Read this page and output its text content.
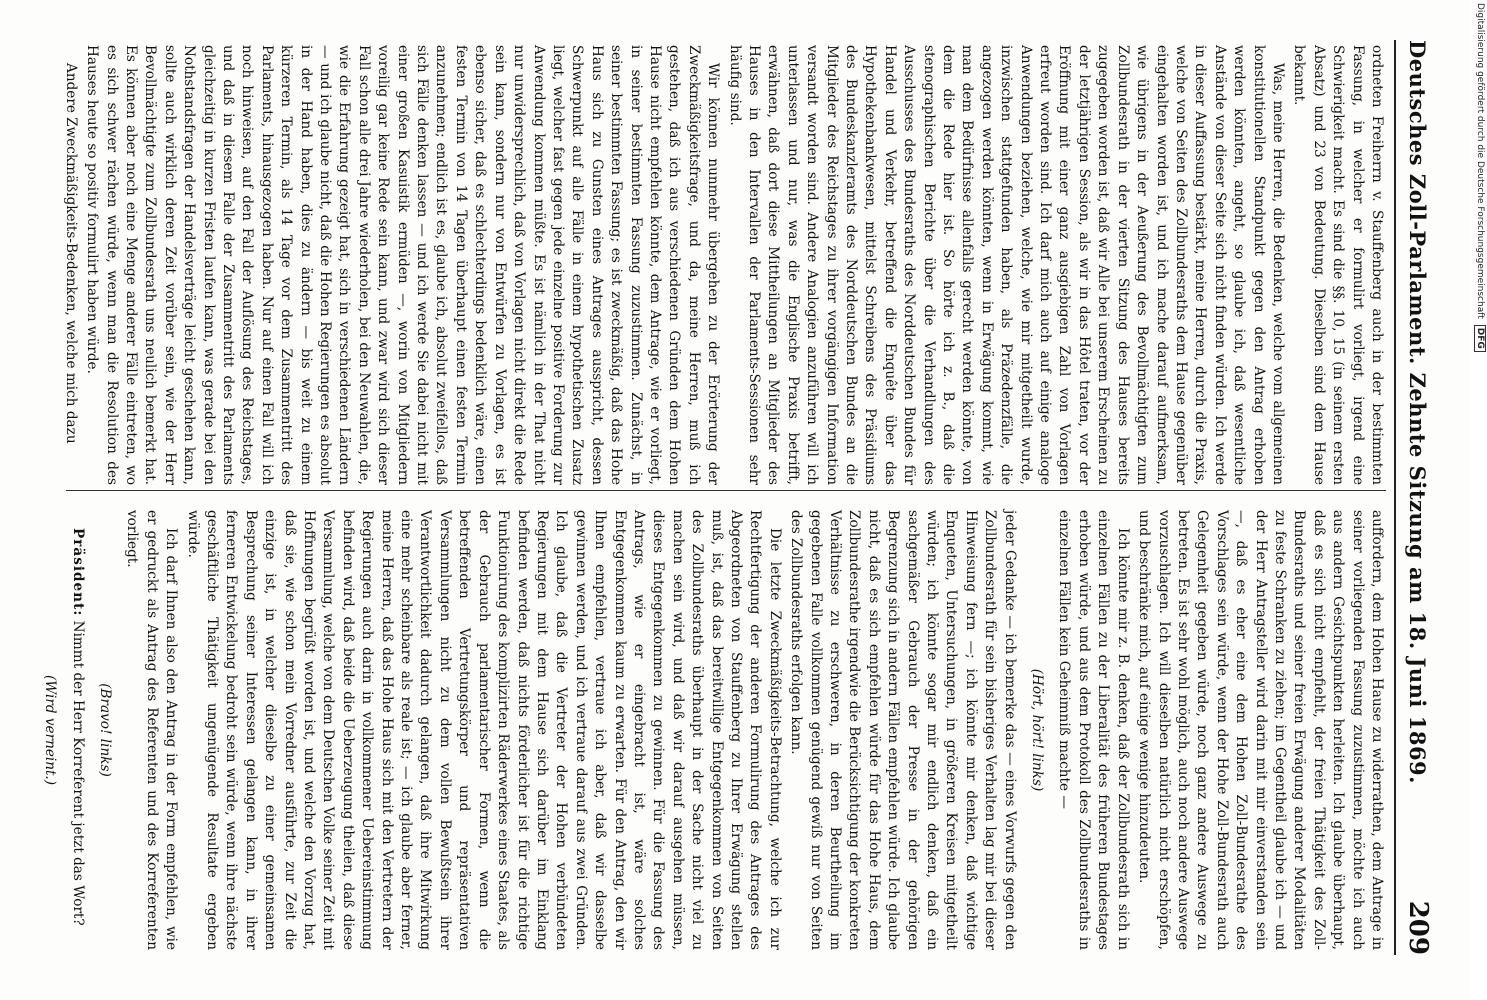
Deutsches Zoll-Parlament. Zehnte Sitzung am 18. Juni 1869.
209

ordneten Freiherrn v. Stauffenberg auch in der bestimmten Fassung, in welcher er formulirt vorliegt, irgend eine Schwierigkeit macht. Es sind die §§. 10, 15 (in seinem ersten Absatz) und 23 von Bedeutung. Dieselben sind dem Hause bekannt.

Was, meine Herren, die Bedenken, welche vom allgemeinen konstitutionellen Standpunkt gegen den Antrag erhoben werden könnten, angeht, so glaube ich, daß wesentliche Anstände von dieser Seite sich nicht finden würden. Ich werde in dieser Auffassung bestärkt, meine Herren, durch die Praxis, welche von Seiten des Zollbundesraths dem Hause gegenüber eingehalten worden ist, und ich mache darauf aufmerksam, wie übrigens in der Aeußerung des Bevollmächtigten zum Zollbundesrath in der vierten Sitzung des Hauses bereits zugegeben worden ist, daß wir Alle bei unserem Erscheinen zu der letztjährigen Session, als wir in das Hôtel traten, vor der Eröffnung mit einer ganz ausgiebigen Zahl von Vorlagen erfreut worden sind. Ich darf mich auch auf einige analoge Anwendungen beziehen, welche, wie mir mitgetheilt wurde, inzwischen stattgefunden haben, als Präzedenzfälle, die angezogen werden könnten, wenn in Erwägung kommt, wie man dem Bedürfnisse allenfalls gerecht werden könnte, von dem die Rede hier ist. So hörte ich z. B., daß die stenographischen Berichte über die Verhandlungen des Ausschusses des Bundesraths des Norddeutschen Bundes für Handel und Verkehr, betreffend die Enquête über das Hypothekenbankwesen, mittelst Schreibens des Präsidiums des Bundeskanzleramts des Norddeutschen Bundes an die Mitglieder des Reichstages zu ihrer vorgängigen Information versandt worden sind. Andere Analogien anzuführen will ich unterlassen und nur, was die Englische Praxis betrifft, erwähnen, daß dort diese Mittheilungen an Mitglieder des Hauses in den Intervallen der Parlaments-Sessionen sehr häufig sind.

Wir können nunmehr übergehen zu der Erörterung der Zweckmäßigkeitsfrage, und da, meine Herren, muß ich gestehen, daß ich aus verschiedenen Gründen dem Hohen Hause nicht empfehlen könnte, dem Antrage, wie er vorliegt, in seiner bestimmten Fassung zuzustimmen. Zunächst, in seiner bestimmten Fassung; es ist zweckmäßig, daß das Hohe Haus sich zu Gunsten eines Antrages ausspricht, dessen Schwerpunkt auf alle Fälle in einem hypothetischen Zusatz liegt, welcher fast gegen jede einzelne positive Forderung zur Anwendung kommen müßte. Es ist nämlich in der That nicht nur unwidersprechlich, daß von Vorlagen nicht direkt die Rede sein kann, sondern nur von Entwürfen zu Vorlagen, es ist ebenso sicher, daß es schlechterdings bedenklich wäre, einen festen Termin von 14 Tagen überhaupt einen festen Termin anzunehmen; endlich ist es, glaube ich, absolut zweifellos, daß sich Fälle denken lassen — und ich werde Sie dabei nicht mit einer großen Kasuistik ermüden —, worin von Mitgliedern voreilig gar keine Rede sein kann, und zwar wird sich dieser Fall schon alle drei Jahre wiederholen, bei den Neuwahlen, die, wie die Erfahrung gezeigt hat, sich in verschiedenen Ländern — und ich glaube nicht, daß die Hohen Regierungen es absolut in der Hand haben, dies zu ändern — bis weit zu einem kürzeren Termin, als 14 Tage vor dem Zusammentritt des Parlaments, hinausgezogen haben. Nur auf einen Fall will ich noch hinweisen, auf den Fall der Auflösung des Reichstages, und daß in diesem Falle der Zusammentritt des Parlaments gleichzeitig in kurzen Fristen laufen kann, was gerade bei den Nothstandsfragen der Handelsverträge leicht geschehen kann, sollte auch wirklich deren Zeit vorüber sein, wie der Herr Bevollmächtigte zum Zollbundesrath uns neulich bemerkt hat. Es können aber noch eine Menge anderer Fälle eintreten, wo es sich schwer rächen würde, wenn man die Resolution des Hauses heute so positiv formulirt haben würde.

Andere Zweckmäßigkeits-Bedenken, welche mich dazu

auffordern, dem Hohen Hause zu widerrathen, dem Antrage in seiner vorliegenden Fassung zuzustimmen, möchte ich auch aus andern Gesichtspunkten herleiten. Ich glaube überhaupt, daß es sich nicht empfiehlt, der freien Thätigkeit des Zoll-Bundesraths und seiner freien Erwägung anderer Modalitäten zu feste Schranken zu ziehen; im Gegentheil glaube ich — und der Herr Antragsteller wird darin mit mir einverstanden sein —, daß es eher eine dem Hohen Zoll-Bundesrathe des Vorschlages sein würde, wenn der Hohe Zoll-Bundesrath auch Gelegenheit gegeben würde, noch ganz andere Auswege zu betreten. Es ist sehr wohl möglich, auch noch andere Auswege vorzuschlagen. Ich will dieselben natürlich nicht erschöpfen, und beschränke mich, auf einige wenige hinzudeuten.

Ich könnte mir z. B. denken, daß der Zollbundesrath sich in einzelnen Fällen zu der Liberalität des früheren Bundestages erhoben würde, und aus dem Protokoll des Zollbundesraths in einzelnen Fällen kein Geheimniß machte —

(Hört, hört! links)

jeder Gedanke — ich bemerke das — eines Vorwurfs gegen den Zollbundesrath für sein bisheriges Verhalten lag mir bei dieser Hinweisung fern —; ich könnte mir denken, daß wichtige Enqueten, Untersuchungen, in größeren Kreisen mitgetheilt würden; ich könnte sogar mir endlich denken, daß ein sachgemäßer Gebrauch der Presse in der gehörigen Begrenzung sich in andern Fällen empfehlen würde. Ich glaube nicht, daß es sich empfehlen würde für das Hohe Haus, dem Zollbundesrathe irgendwie die Berücksichtigung der konkreten Verhältnisse zu erschweren, in deren Beurtheilung im gegebenen Falle vollkommen genügend gewiß nur von Seiten des Zollbundesraths erfolgen kann.

Die letzte Zweckmäßigkeits-Betrachtung, welche ich zur Rechtfertigung der anderen Formulirung des Antrages des Abgeordneten von Stauffenberg zu Ihrer Erwägung stellen muß, ist, daß das bereitwillige Entgegenkommen von Seiten des Zollbundesraths überhaupt in der Sache nicht viel zu machen sein wird, und daß wir darauf ausgehen müssen, dieses Entgegenkommen zu gewinnen. Für die Fassung des Antrags, wie er eingebracht ist, wäre solches Entgegenkommen kaum zu erwarten. Für den Antrag, den wir Ihnen empfehlen, vertraue ich aber, daß wir dasselbe gewinnen werden, und ich vertraue darauf aus zwei Gründen. Ich glaube, daß die Vertreter der Hohen verbündeten Regierungen mit dem Hause sich darüber im Einklang befinden werden, daß nichts förderlicher ist für die richtige Funktionirung des komplizirten Räderwerkes eines Staates, als der Gebrauch parlamentarischer Formen, wenn die betreffenden Vertretungskörper und repräsentativen Versammlungen nicht zu dem vollen Bewußtsein ihrer Verantwortlichkeit dadurch gelangen, daß ihre Mitwirkung eine mehr scheinbare als reale ist; — ich glaube aber ferner, meine Herren, daß das Hohe Haus sich mit den Vertretern der Regierungen auch darin in vollkommener Uebereinstimmung befinden wird, daß beide die Ueberzeugung theilen, daß diese Versammlung, welche von dem Deutschen Volke seiner Zeit mit Hoffnungen begrüßt worden ist, und welche den Vorzug hat, daß sie, wie schon mein Vorredner ausführte, zur Zeit die einzige ist, in welcher dieselbe zu einer gemeinsamen Besprechung seiner Interessen gelangen kann, in ihrer ferneren Entwickelung bedroht sein würde, wenn ihre nächste geschäftliche Thätigkeit ungenügende Resultate ergeben würde.

Ich darf Ihnen also den Antrag in der Form empfehlen, wie er gedruckt als Antrag des Referenten und des Korreferenten vorliegt.

(Bravo! links)

Präsident: Nimmt der Herr Korreferent jetzt das Wort?

(Wird verneint.)
Digitalisierung gefördert durch die Deutsche Forschungsgemeinschaft
DFG
